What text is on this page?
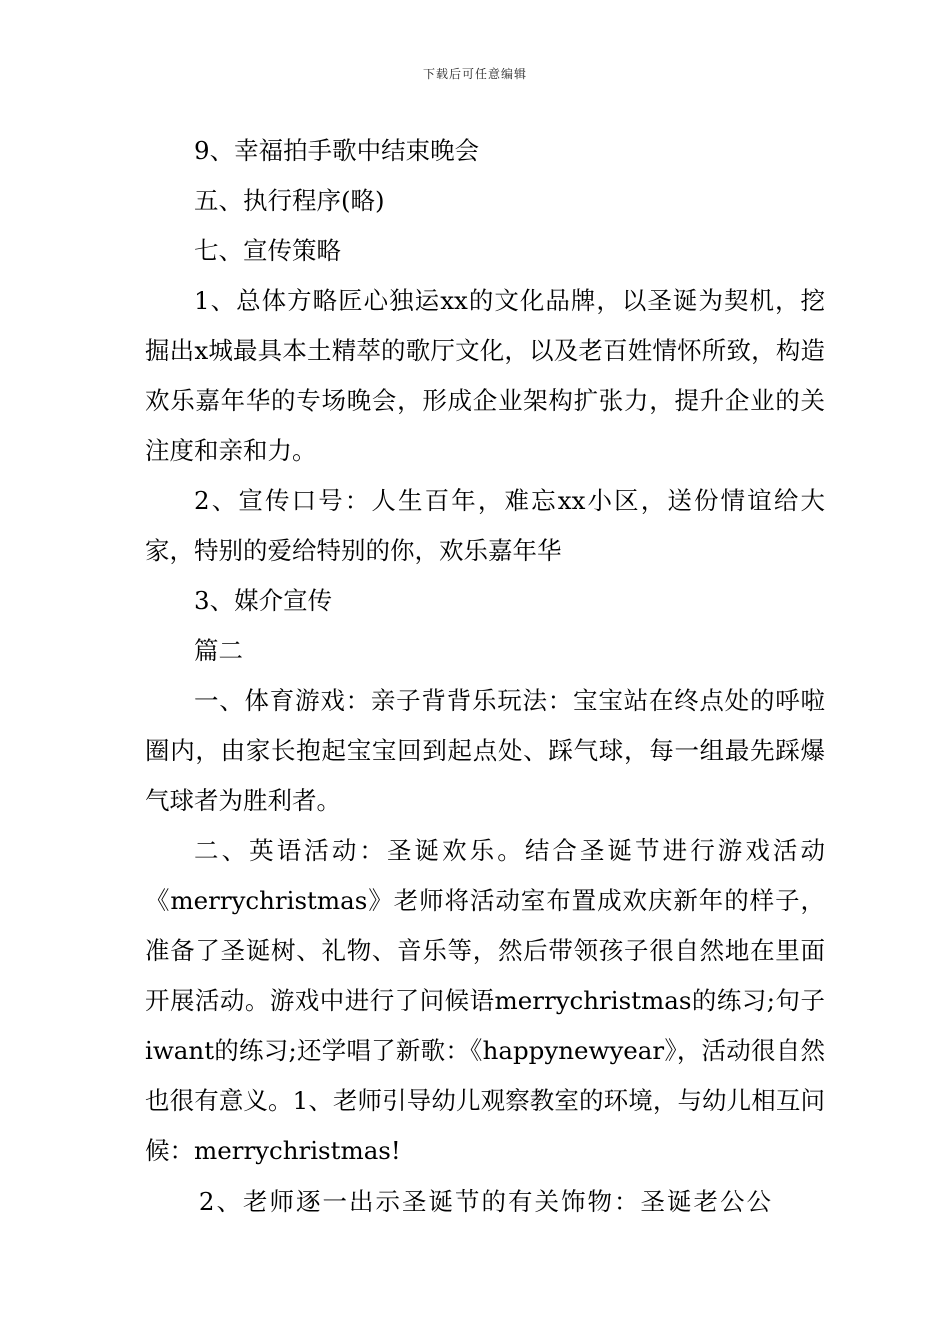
下载后可任意编辑

9、幸福拍手歌中结束晚会

五、执行程序(略)

七、宣传策略

1、总体方略匠心独运xx的文化品牌，以圣诞为契机，挖掘出x城最具本土精萃的歌厅文化，以及老百姓情怀所致，构造欢乐嘉年华的专场晚会，形成企业架构扩张力，提升企业的关注度和亲和力。

2、宣传口号：人生百年，难忘xx小区，送份情谊给大家，特别的爱给特别的你，欢乐嘉年华

3、媒介宣传

篇二

一、体育游戏：亲子背背乐玩法：宝宝站在终点处的呼啦圈内，由家长抱起宝宝回到起点处、踩气球，每一组最先踩爆气球者为胜利者。

二、英语活动：圣诞欢乐。结合圣诞节进行游戏活动《merrychristmas》老师将活动室布置成欢庆新年的样子，准备了圣诞树、礼物、音乐等，然后带领孩子很自然地在里面开展活动。游戏中进行了问候语merrychristmas的练习;句子iwant的练习;还学唱了新歌：《happynewyear》，活动很自然也很有意义。1、老师引导幼儿观察教室的环境，与幼儿相互问候：merrychristmas!

2、老师逐一出示圣诞节的有关饰物：圣诞老公公
